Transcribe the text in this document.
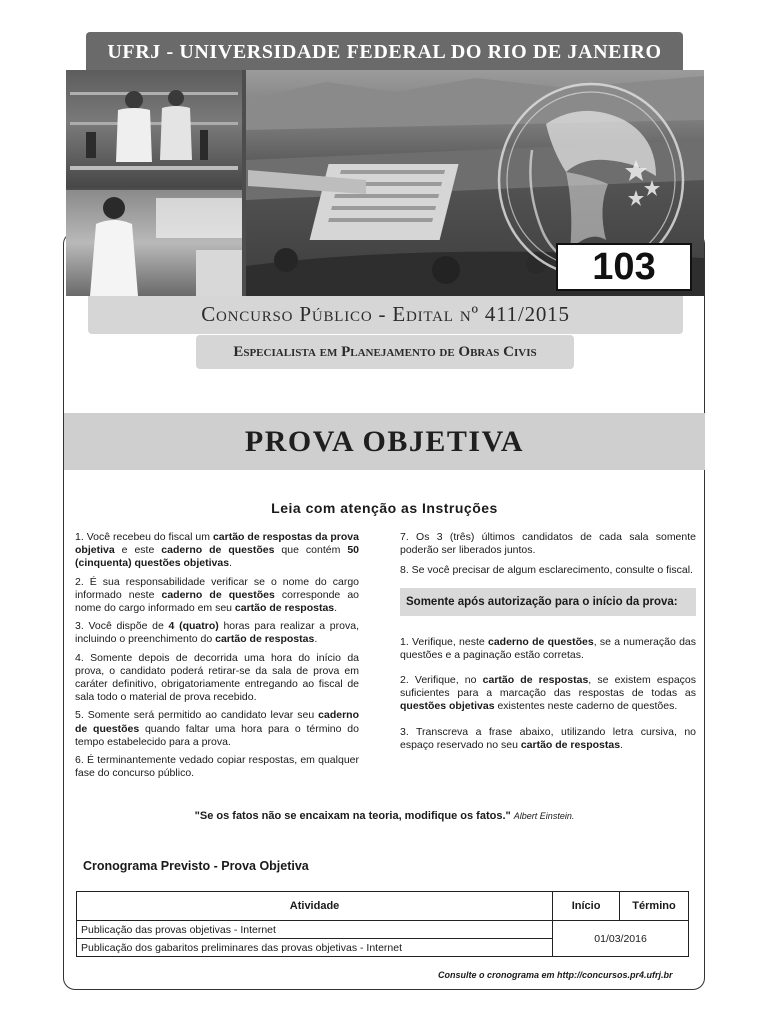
UFRJ - UNIVERSIDADE FEDERAL DO RIO DE JANEIRO
103
Concurso Público - Edital nº 411/2015
Especialista em Planejamento de Obras Civis
PROVA OBJETIVA
Leia com atenção as Instruções

1. Você recebeu do fiscal um cartão de respostas da prova objetiva e este caderno de questões que contém 50 (cinquenta) questões objetivas.

2. É sua responsabilidade verificar se o nome do cargo informado neste caderno de questões corresponde ao nome do cargo informado em seu cartão de respostas.

3. Você dispõe de 4 (quatro) horas para realizar a prova, incluindo o preenchimento do cartão de respostas.

4. Somente depois de decorrida uma hora do início da prova, o candidato poderá retirar-se da sala de prova em caráter definitivo, obrigatoriamente entregando ao fiscal de sala todo o material de prova recebido.

5. Somente será permitido ao candidato levar seu caderno de questões quando faltar uma hora para o término do tempo estabelecido para a prova.

6. É terminantemente vedado copiar respostas, em qualquer fase do concurso público.

7. Os 3 (três) últimos candidatos de cada sala somente poderão ser liberados juntos.

8. Se você precisar de algum esclarecimento, consulte o fiscal.

Somente após autorização para o início da prova:

1. Verifique, neste caderno de questões, se a numeração das questões e a paginação estão corretas.

2. Verifique, no cartão de respostas, se existem espaços suficientes para a marcação das respostas de todas as questões objetivas existentes neste caderno de questões.

3. Transcreva a frase abaixo, utilizando letra cursiva, no espaço reservado no seu cartão de respostas.

"Se os fatos não se encaixam na teoria, modifique os fatos." Albert Einstein.
Cronograma Previsto - Prova Objetiva
Atividade	Início	Término
Publicação das provas objetivas - Internet	01/03/2016	
Publicação dos gabaritos preliminares das provas objetivas - Internet		
Consulte o cronograma em http://concursos.pr4.ufrj.br
